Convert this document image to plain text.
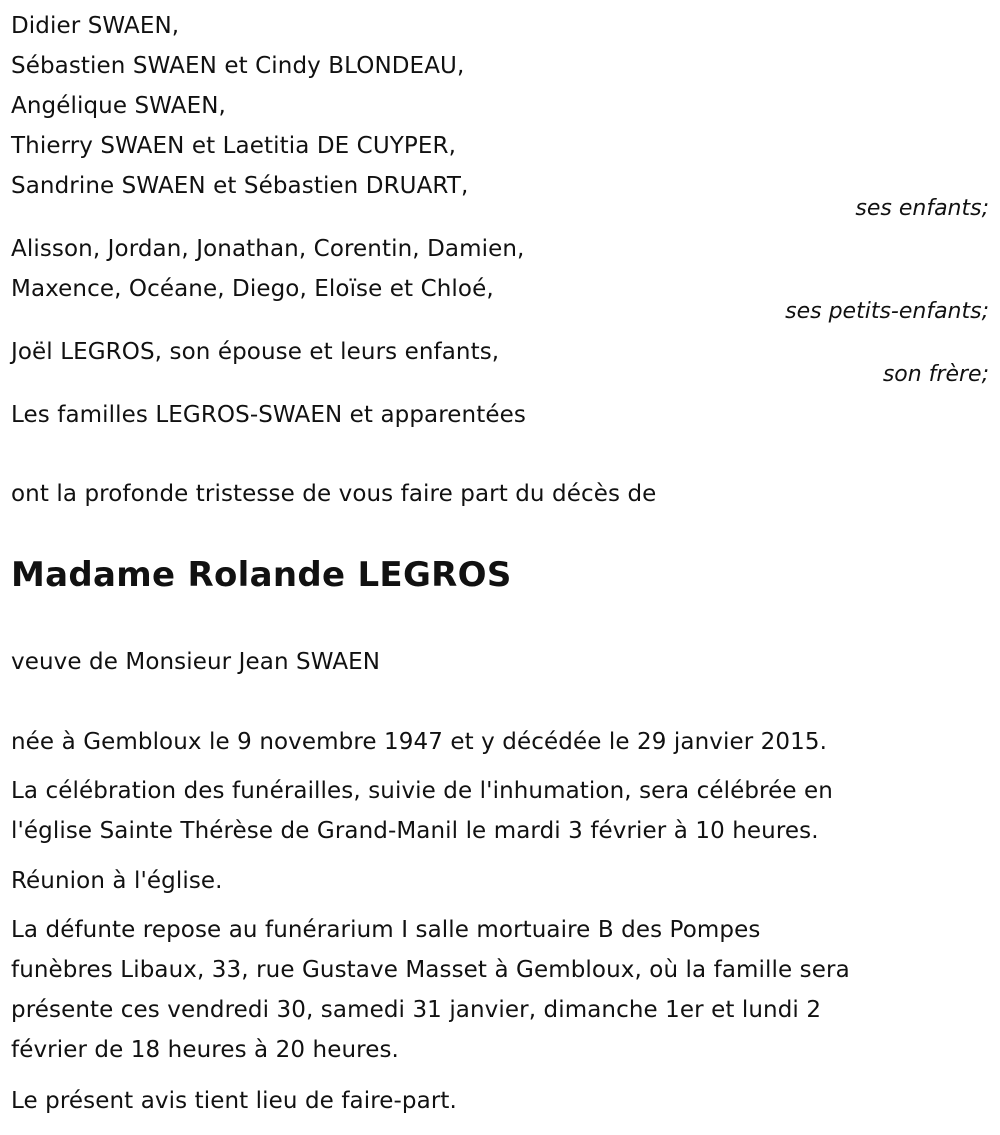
Didier SWAEN,
Sébastien SWAEN et Cindy BLONDEAU,
Angélique SWAEN,
Thierry SWAEN et Laetitia DE CUYPER,
Sandrine SWAEN et Sébastien DRUART,
ses enfants;
Alisson, Jordan, Jonathan, Corentin, Damien,
Maxence, Océane, Diego, Eloïse et Chloé,
ses petits-enfants;
Joël LEGROS, son épouse et leurs enfants,
son frère;
Les familles LEGROS-SWAEN et apparentées
ont la profonde tristesse de vous faire part du décès de
Madame Rolande LEGROS
veuve de Monsieur Jean SWAEN
née à Gembloux le 9 novembre 1947 et y décédée le 29 janvier 2015.
La célébration des funérailles, suivie de l'inhumation, sera célébrée en
l'église Sainte Thérèse de Grand-Manil le mardi 3 février à 10 heures.
Réunion à l'église.
La défunte repose au funérarium I salle mortuaire B des Pompes
funèbres Libaux, 33, rue Gustave Masset à Gembloux, où la famille sera
présente ces vendredi 30, samedi 31 janvier, dimanche 1er et lundi 2
février de 18 heures à 20 heures.
Le présent avis tient lieu de faire-part.
